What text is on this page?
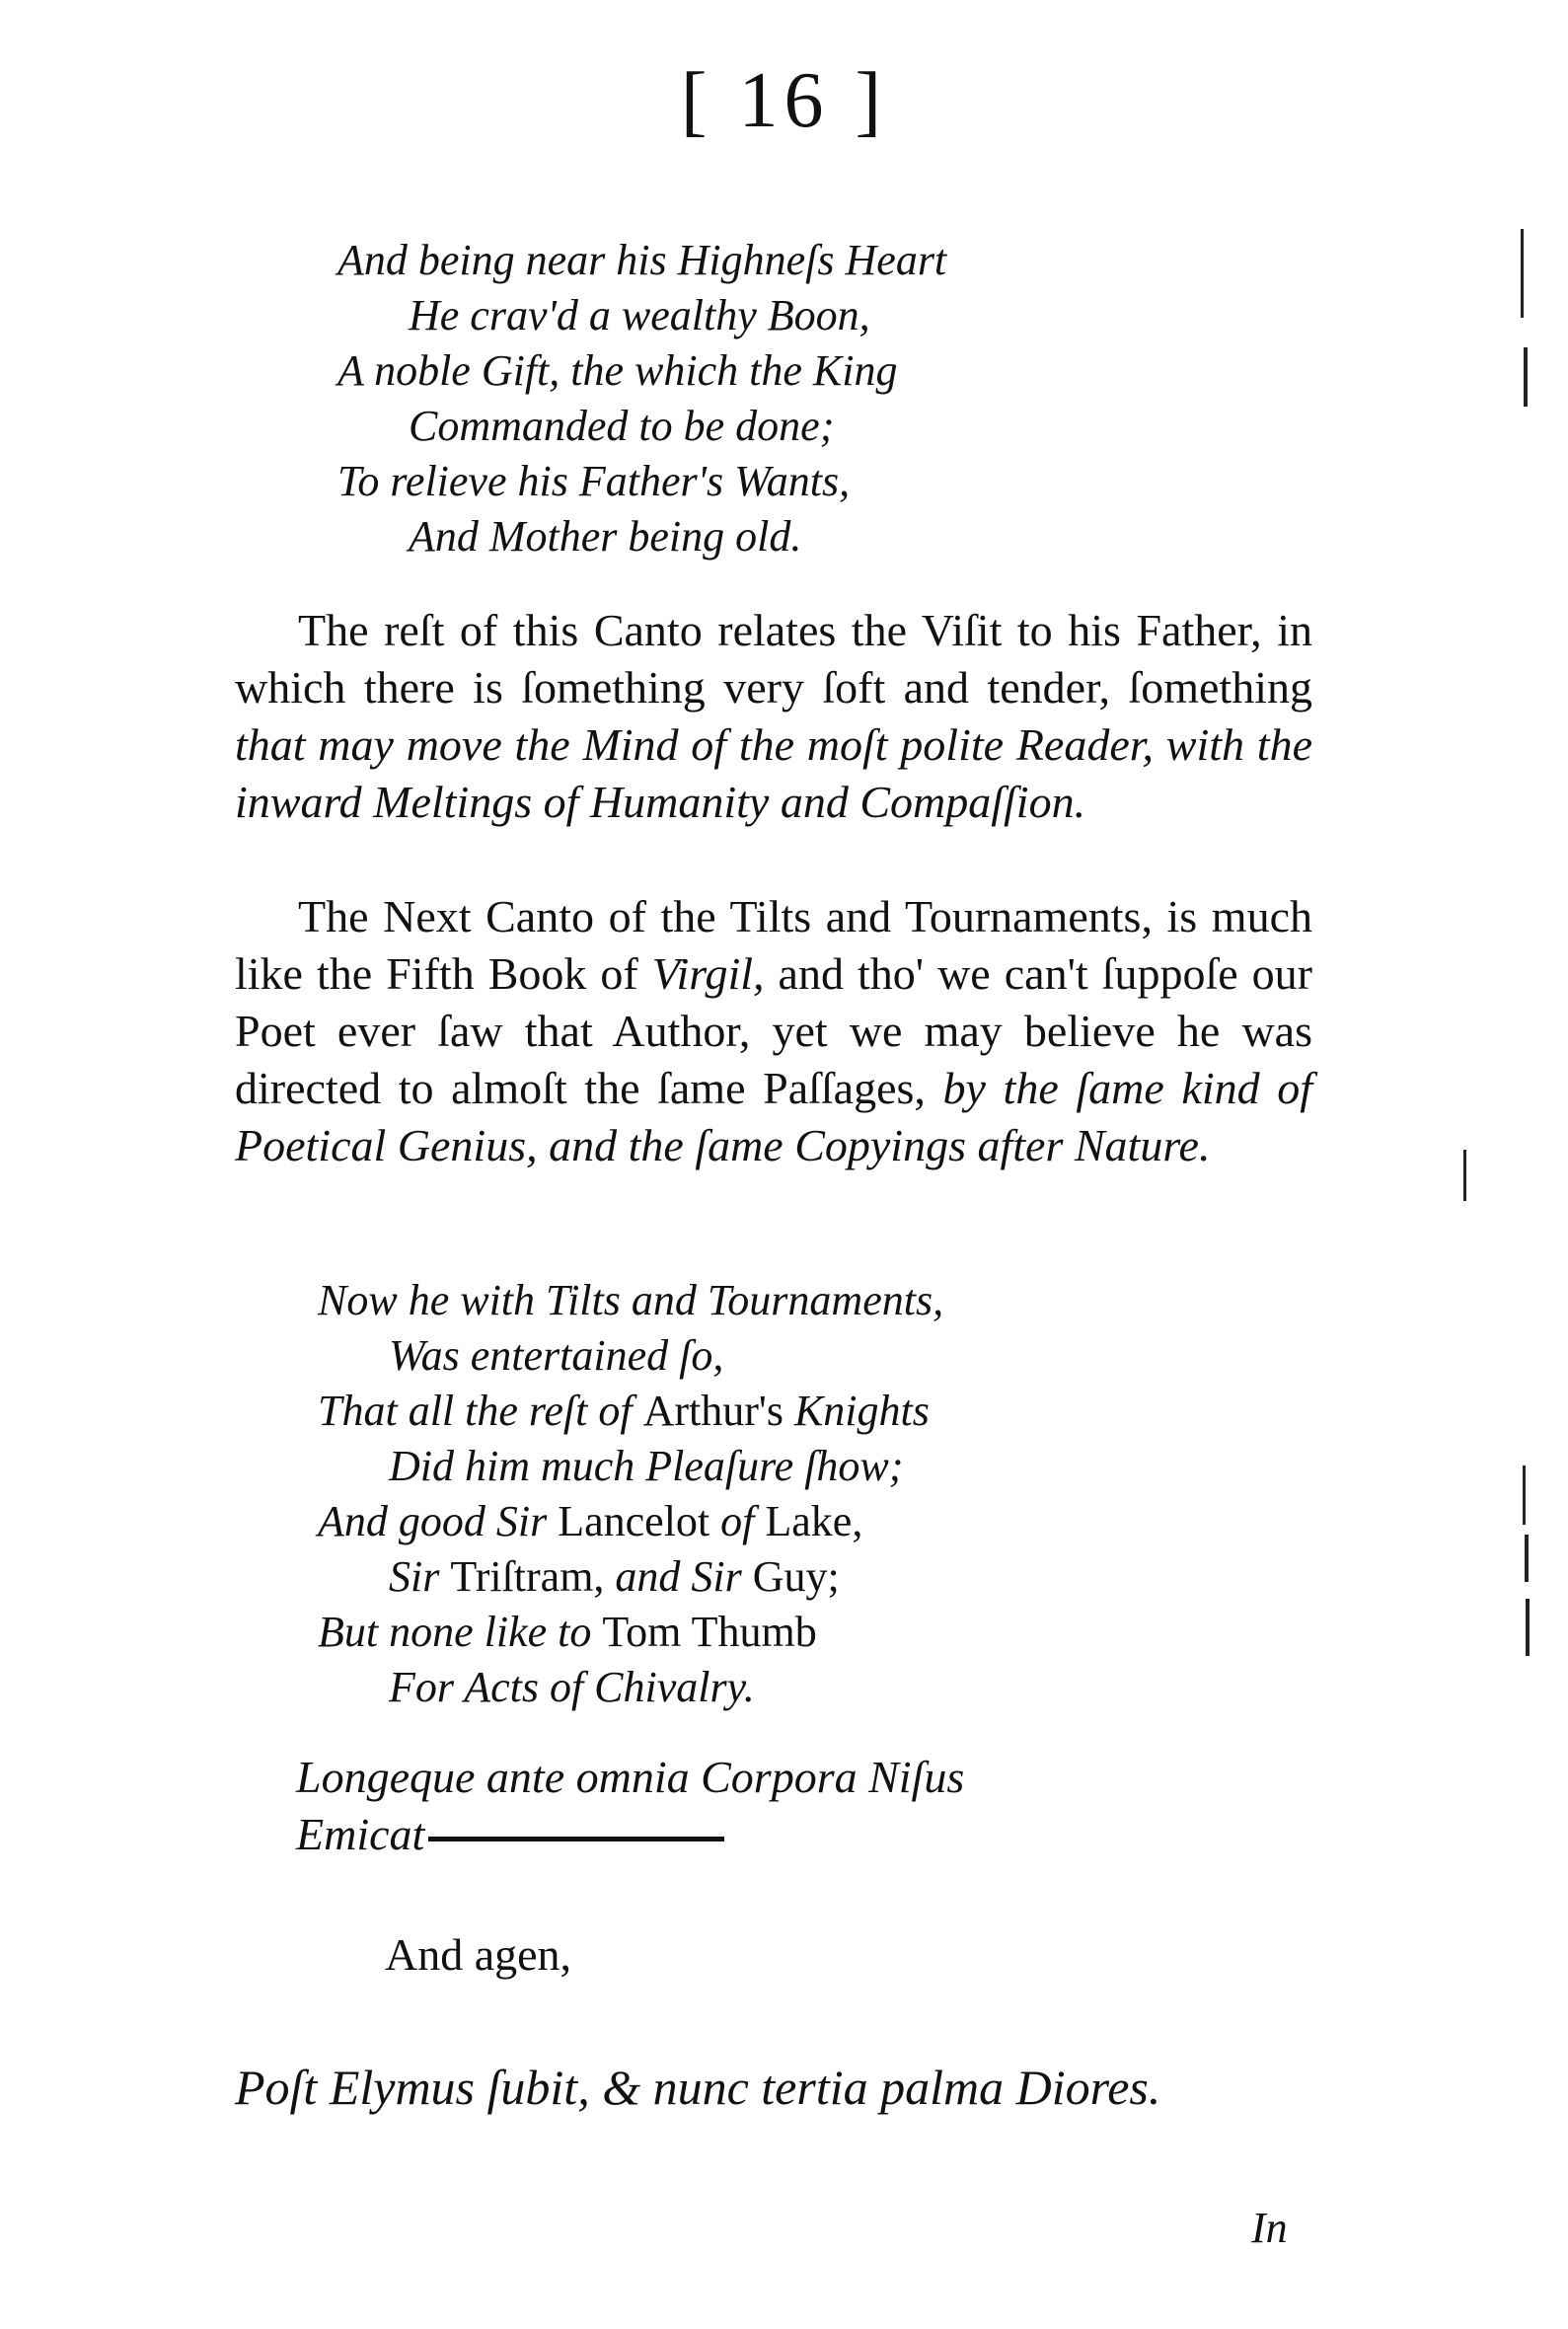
[ 16 ]
And being near his Highneſs Heart
He crav'd a wealthy Boon,
A noble Gift, the which the King
Commanded to be done;
To relieve his Father's Wants,
And Mother being old.

The reſt of this Canto relates the Viſit to his Father, in which there is ſomething very ſoft and tender, ſomething that may move the Mind of the moſt polite Reader, with the inward Meltings of Humanity and Compaſſion.

The Next Canto of the Tilts and Tournaments, is much like the Fifth Book of Virgil, and tho' we can't ſuppoſe our Poet ever ſaw that Author, yet we may believe he was directed to almoſt the ſame Paſſages, by the ſame kind of Poetical Genius, and the ſame Copyings after Nature.

Now he with Tilts and Tournaments,
Was entertained ſo,
That all the reſt of Arthur's Knights
Did him much Pleaſure ſhow;
And good Sir Lancelot of Lake,
Sir Triſtram, and Sir Guy;
But none like to Tom Thumb
For Acts of Chivalry.
Longeque ante omnia Corpora Niſus
Emicat

And agen,

Poſt Elymus ſubit, & nunc tertia palma Diores.

In
